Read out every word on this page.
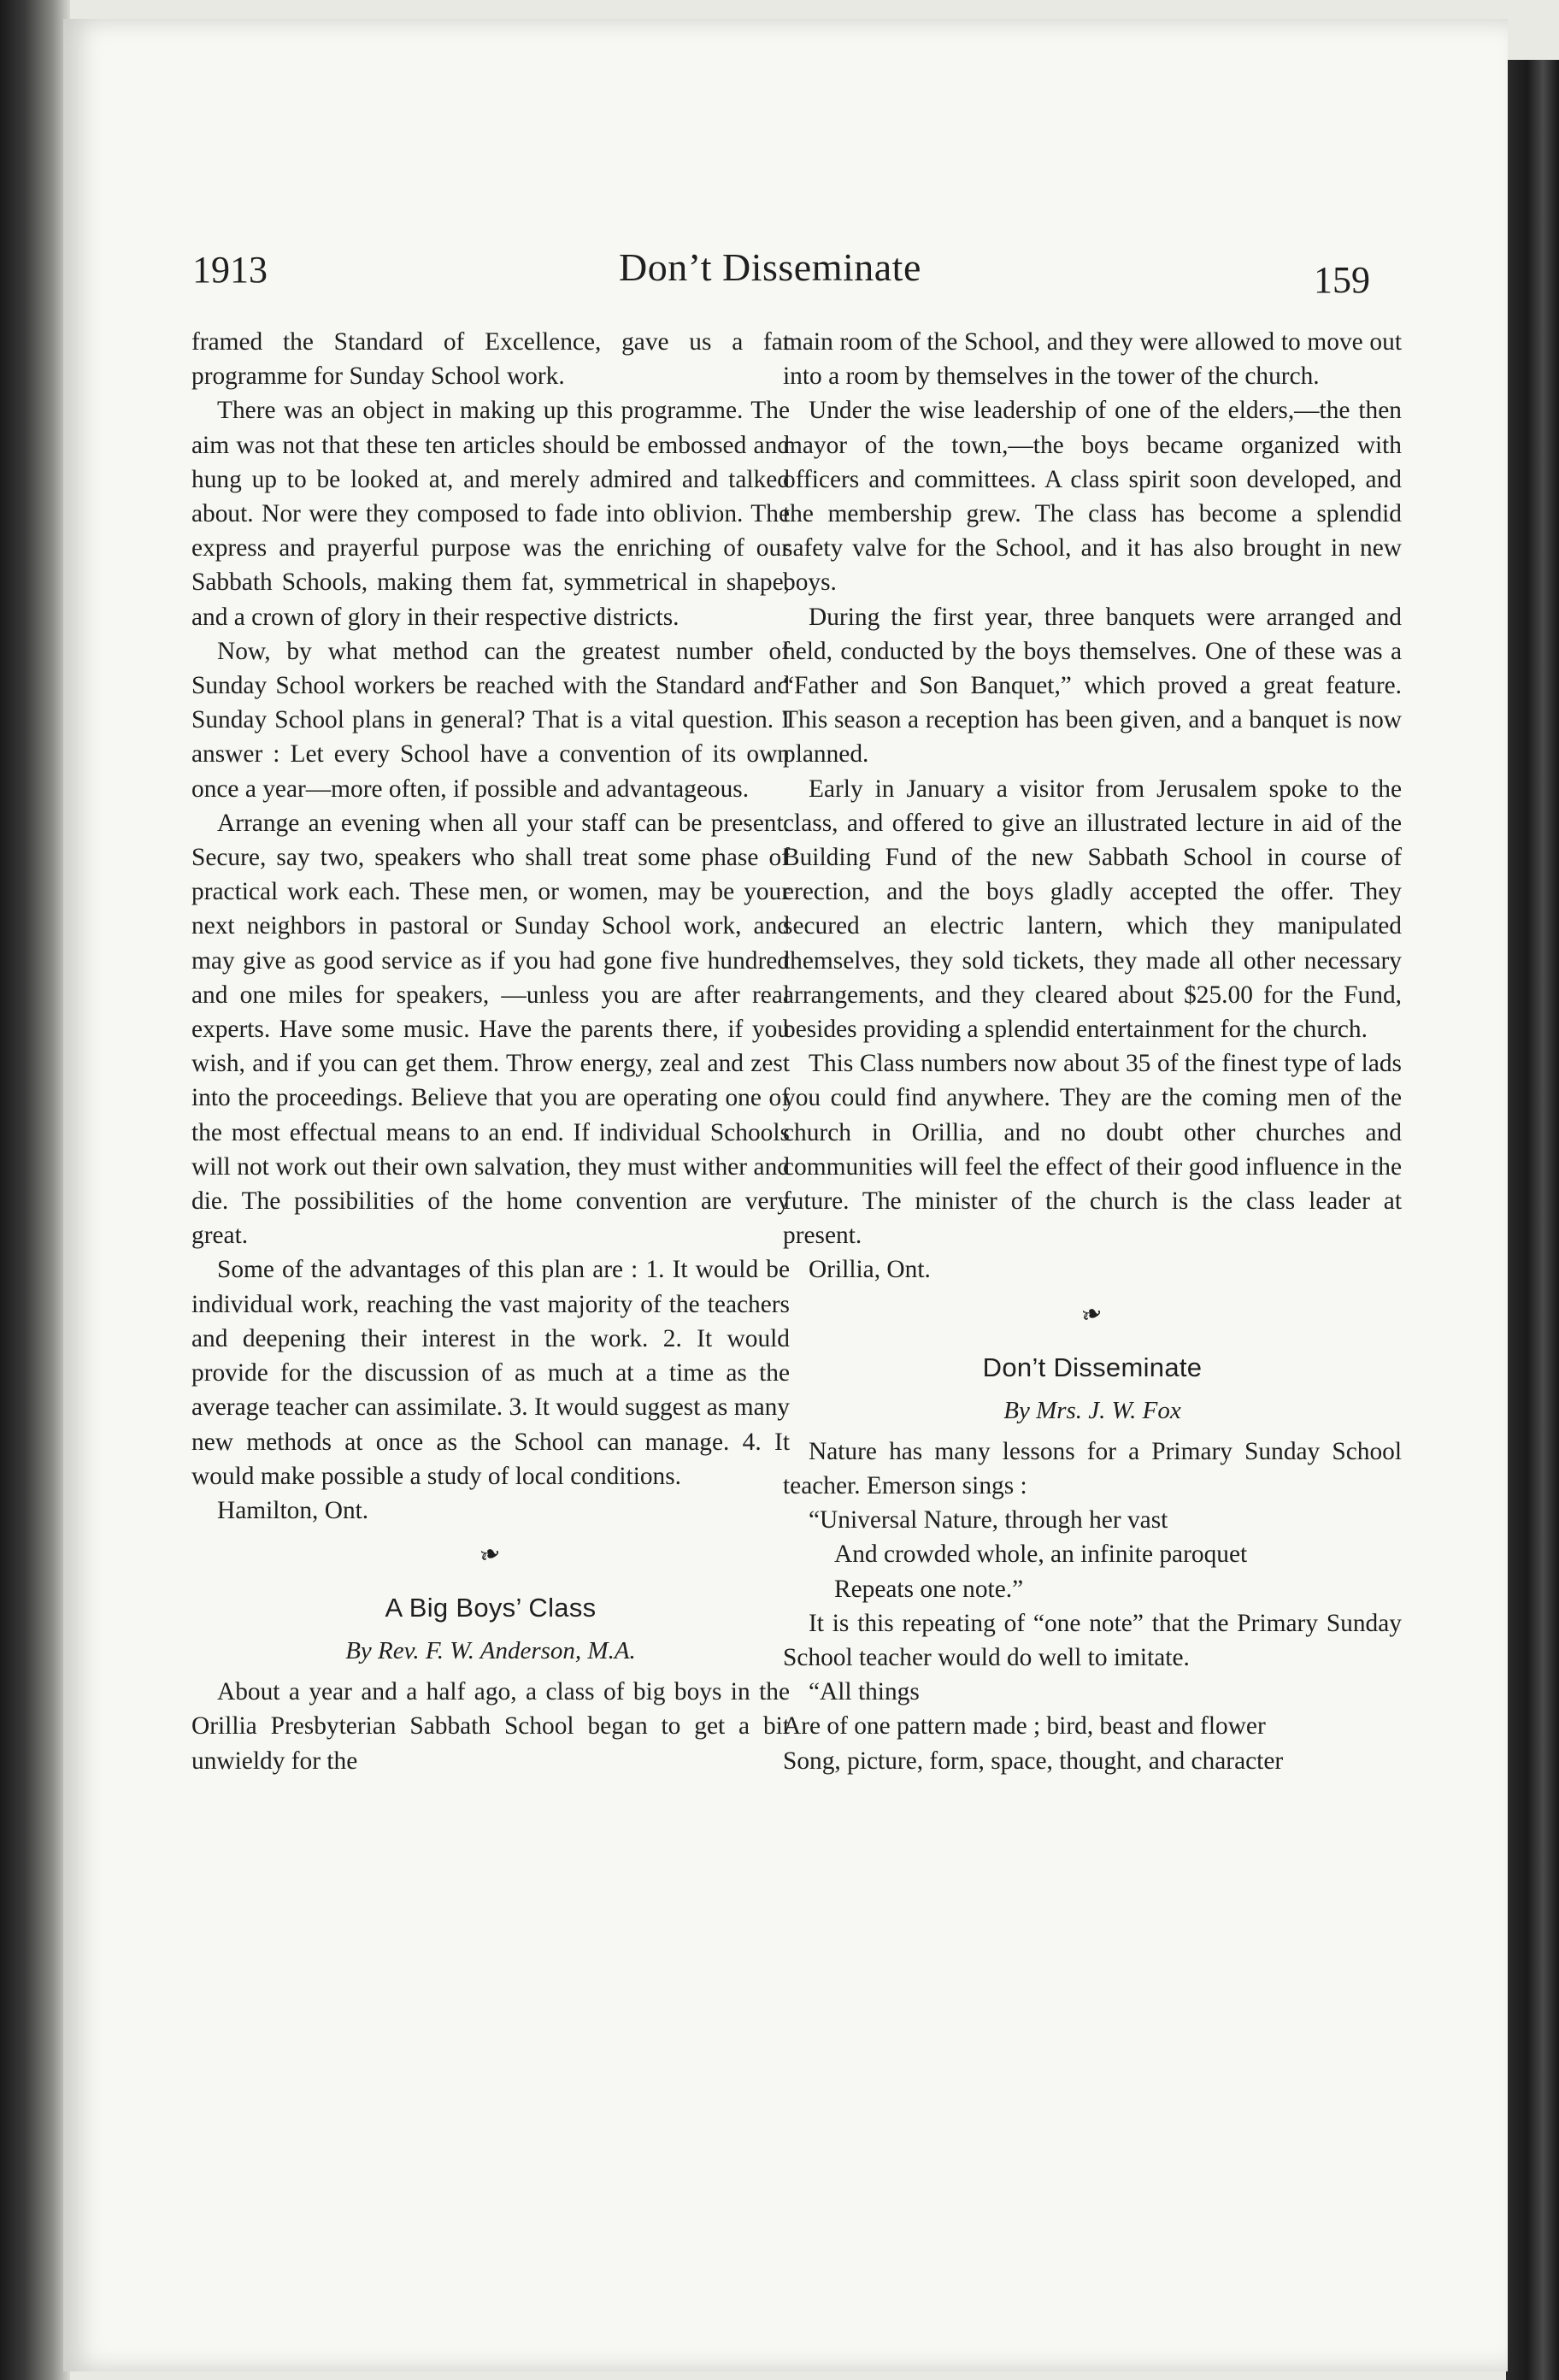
1913	Don’t Disseminate	159

framed the Standard of Excellence, gave us a fat programme for Sunday School work.

There was an object in making up this programme. The aim was not that these ten articles should be embossed and hung up to be looked at, and merely admired and talked about. Nor were they composed to fade into oblivion. The express and prayerful purpose was the enriching of our Sabbath Schools, making them fat, symmetrical in shape, and a crown of glory in their respective districts.

Now, by what method can the greatest number of Sunday School workers be reached with the Standard and Sunday School plans in general? That is a vital question. I answer : Let every School have a convention of its own once a year—more often, if possible and advantageous.

Arrange an evening when all your staff can be present. Secure, say two, speakers who shall treat some phase of practical work each. These men, or women, may be your next neighbors in pastoral or Sunday School work, and may give as good service as if you had gone five hundred and one miles for speakers, —unless you are after real experts. Have some music. Have the parents there, if you wish, and if you can get them. Throw energy, zeal and zest into the proceedings. Believe that you are operating one of the most effectual means to an end. If individual Schools will not work out their own salvation, they must wither and die. The possibilities of the home convention are very great.

Some of the advantages of this plan are : 1. It would be individual work, reaching the vast majority of the teachers and deepening their interest in the work. 2. It would provide for the discussion of as much at a time as the average teacher can assimilate. 3. It would suggest as many new methods at once as the School can manage. 4. It would make possible a study of local conditions.

Hamilton, Ont.

❧
A Big Boys’ Class
By Rev. F. W. Anderson, M.A.

About a year and a half ago, a class of big boys in the Orillia Presbyterian Sabbath School began to get a bit unwieldy for the

main room of the School, and they were allowed to move out into a room by themselves in the tower of the church.

Under the wise leadership of one of the elders,—the then mayor of the town,—the boys became organized with officers and committees. A class spirit soon developed, and the membership grew. The class has become a splendid safety valve for the School, and it has also brought in new boys.

During the first year, three banquets were arranged and held, conducted by the boys themselves. One of these was a “Father and Son Banquet,” which proved a great feature. This season a reception has been given, and a banquet is now planned.

Early in January a visitor from Jerusalem spoke to the class, and offered to give an illustrated lecture in aid of the Building Fund of the new Sabbath School in course of erection, and the boys gladly accepted the offer. They secured an electric lantern, which they manipulated themselves, they sold tickets, they made all other necessary arrangements, and they cleared about $25.00 for the Fund, besides providing a splendid entertainment for the church.

This Class numbers now about 35 of the finest type of lads you could find anywhere. They are the coming men of the church in Orillia, and no doubt other churches and communities will feel the effect of their good influence in the future. The minister of the church is the class leader at present.

Orillia, Ont.

❧
Don’t Disseminate
By Mrs. J. W. Fox

Nature has many lessons for a Primary Sunday School teacher. Emerson sings :

“Universal Nature, through her vast

And crowded whole, an infinite paroquet

Repeats one note.”

It is this repeating of “one note” that the Primary Sunday School teacher would do well to imitate.

“All things

Are of one pattern made ; bird, beast and flower

Song, picture, form, space, thought, and character
